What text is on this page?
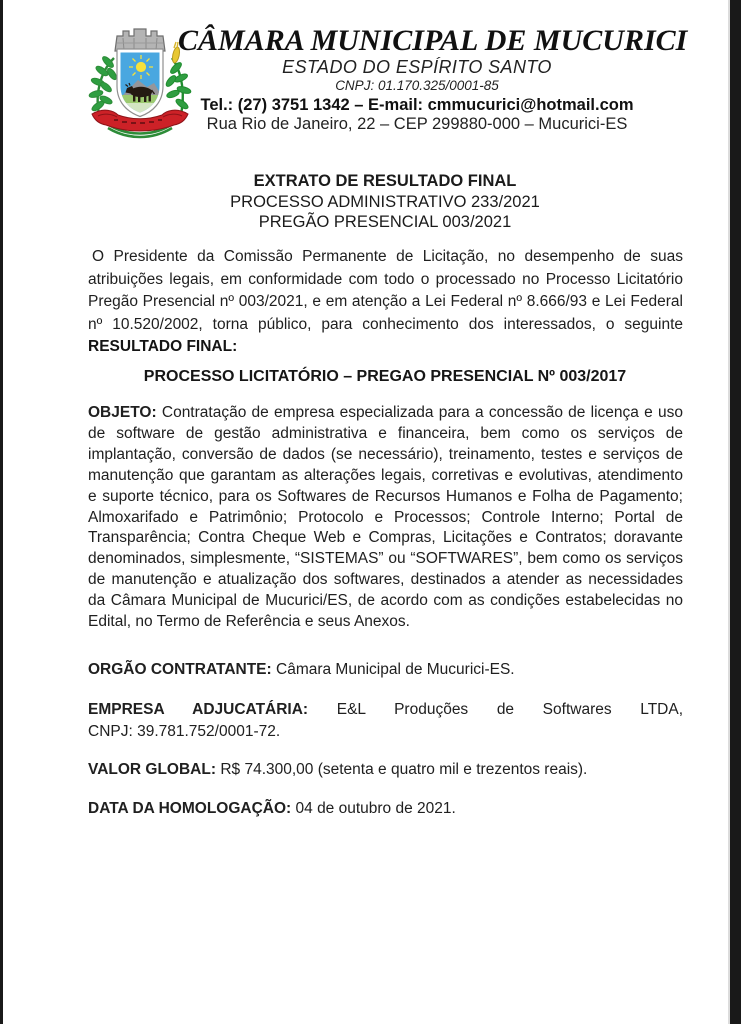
CÂMARA MUNICIPAL DE MUCURICI
ESTADO DO ESPÍRITO SANTO
CNPJ: 01.170.325/0001-85
Tel.: (27) 3751 1342 – E-mail: cmmucurici@hotmail.com
Rua Rio de Janeiro, 22 – CEP 299880-000 – Mucurici-ES
EXTRATO DE RESULTADO FINAL
PROCESSO ADMINISTRATIVO 233/2021
PREGÃO PRESENCIAL 003/2021

O Presidente da Comissão Permanente de Licitação, no desempenho de suas atribuições legais, em conformidade com todo o processado no Processo Licitatório Pregão Presencial nº 003/2021, e em atenção a Lei Federal nº 8.666/93 e Lei Federal nº 10.520/2002, torna público, para conhecimento dos interessados, o seguinte RESULTADO FINAL:

PROCESSO LICITATÓRIO – PREGAO PRESENCIAL Nº 003/2017

OBJETO: Contratação de empresa especializada para a concessão de licença e uso de software de gestão administrativa e financeira, bem como os serviços de implantação, conversão de dados (se necessário), treinamento, testes e serviços de manutenção que garantam as alterações legais, corretivas e evolutivas, atendimento e suporte técnico, para os Softwares de Recursos Humanos e Folha de Pagamento; Almoxarifado e Patrimônio; Protocolo e Processos; Controle Interno; Portal de Transparência; Contra Cheque Web e Compras, Licitações e Contratos; doravante denominados, simplesmente, “SISTEMAS” ou “SOFTWARES”, bem como os serviços de manutenção e atualização dos softwares, destinados a atender as necessidades da Câmara Municipal de Mucurici/ES, de acordo com as condições estabelecidas no Edital, no Termo de Referência e seus Anexos.

ORGÃO CONTRATANTE: Câmara Municipal de Mucurici-ES.

EMPRESA ADJUCATÁRIA: E&L Produções de Softwares LTDA,
CNPJ: 39.781.752/0001-72.

VALOR GLOBAL: R$ 74.300,00 (setenta e quatro mil e trezentos reais).

DATA DA HOMOLOGAÇÃO: 04 de outubro de 2021.
